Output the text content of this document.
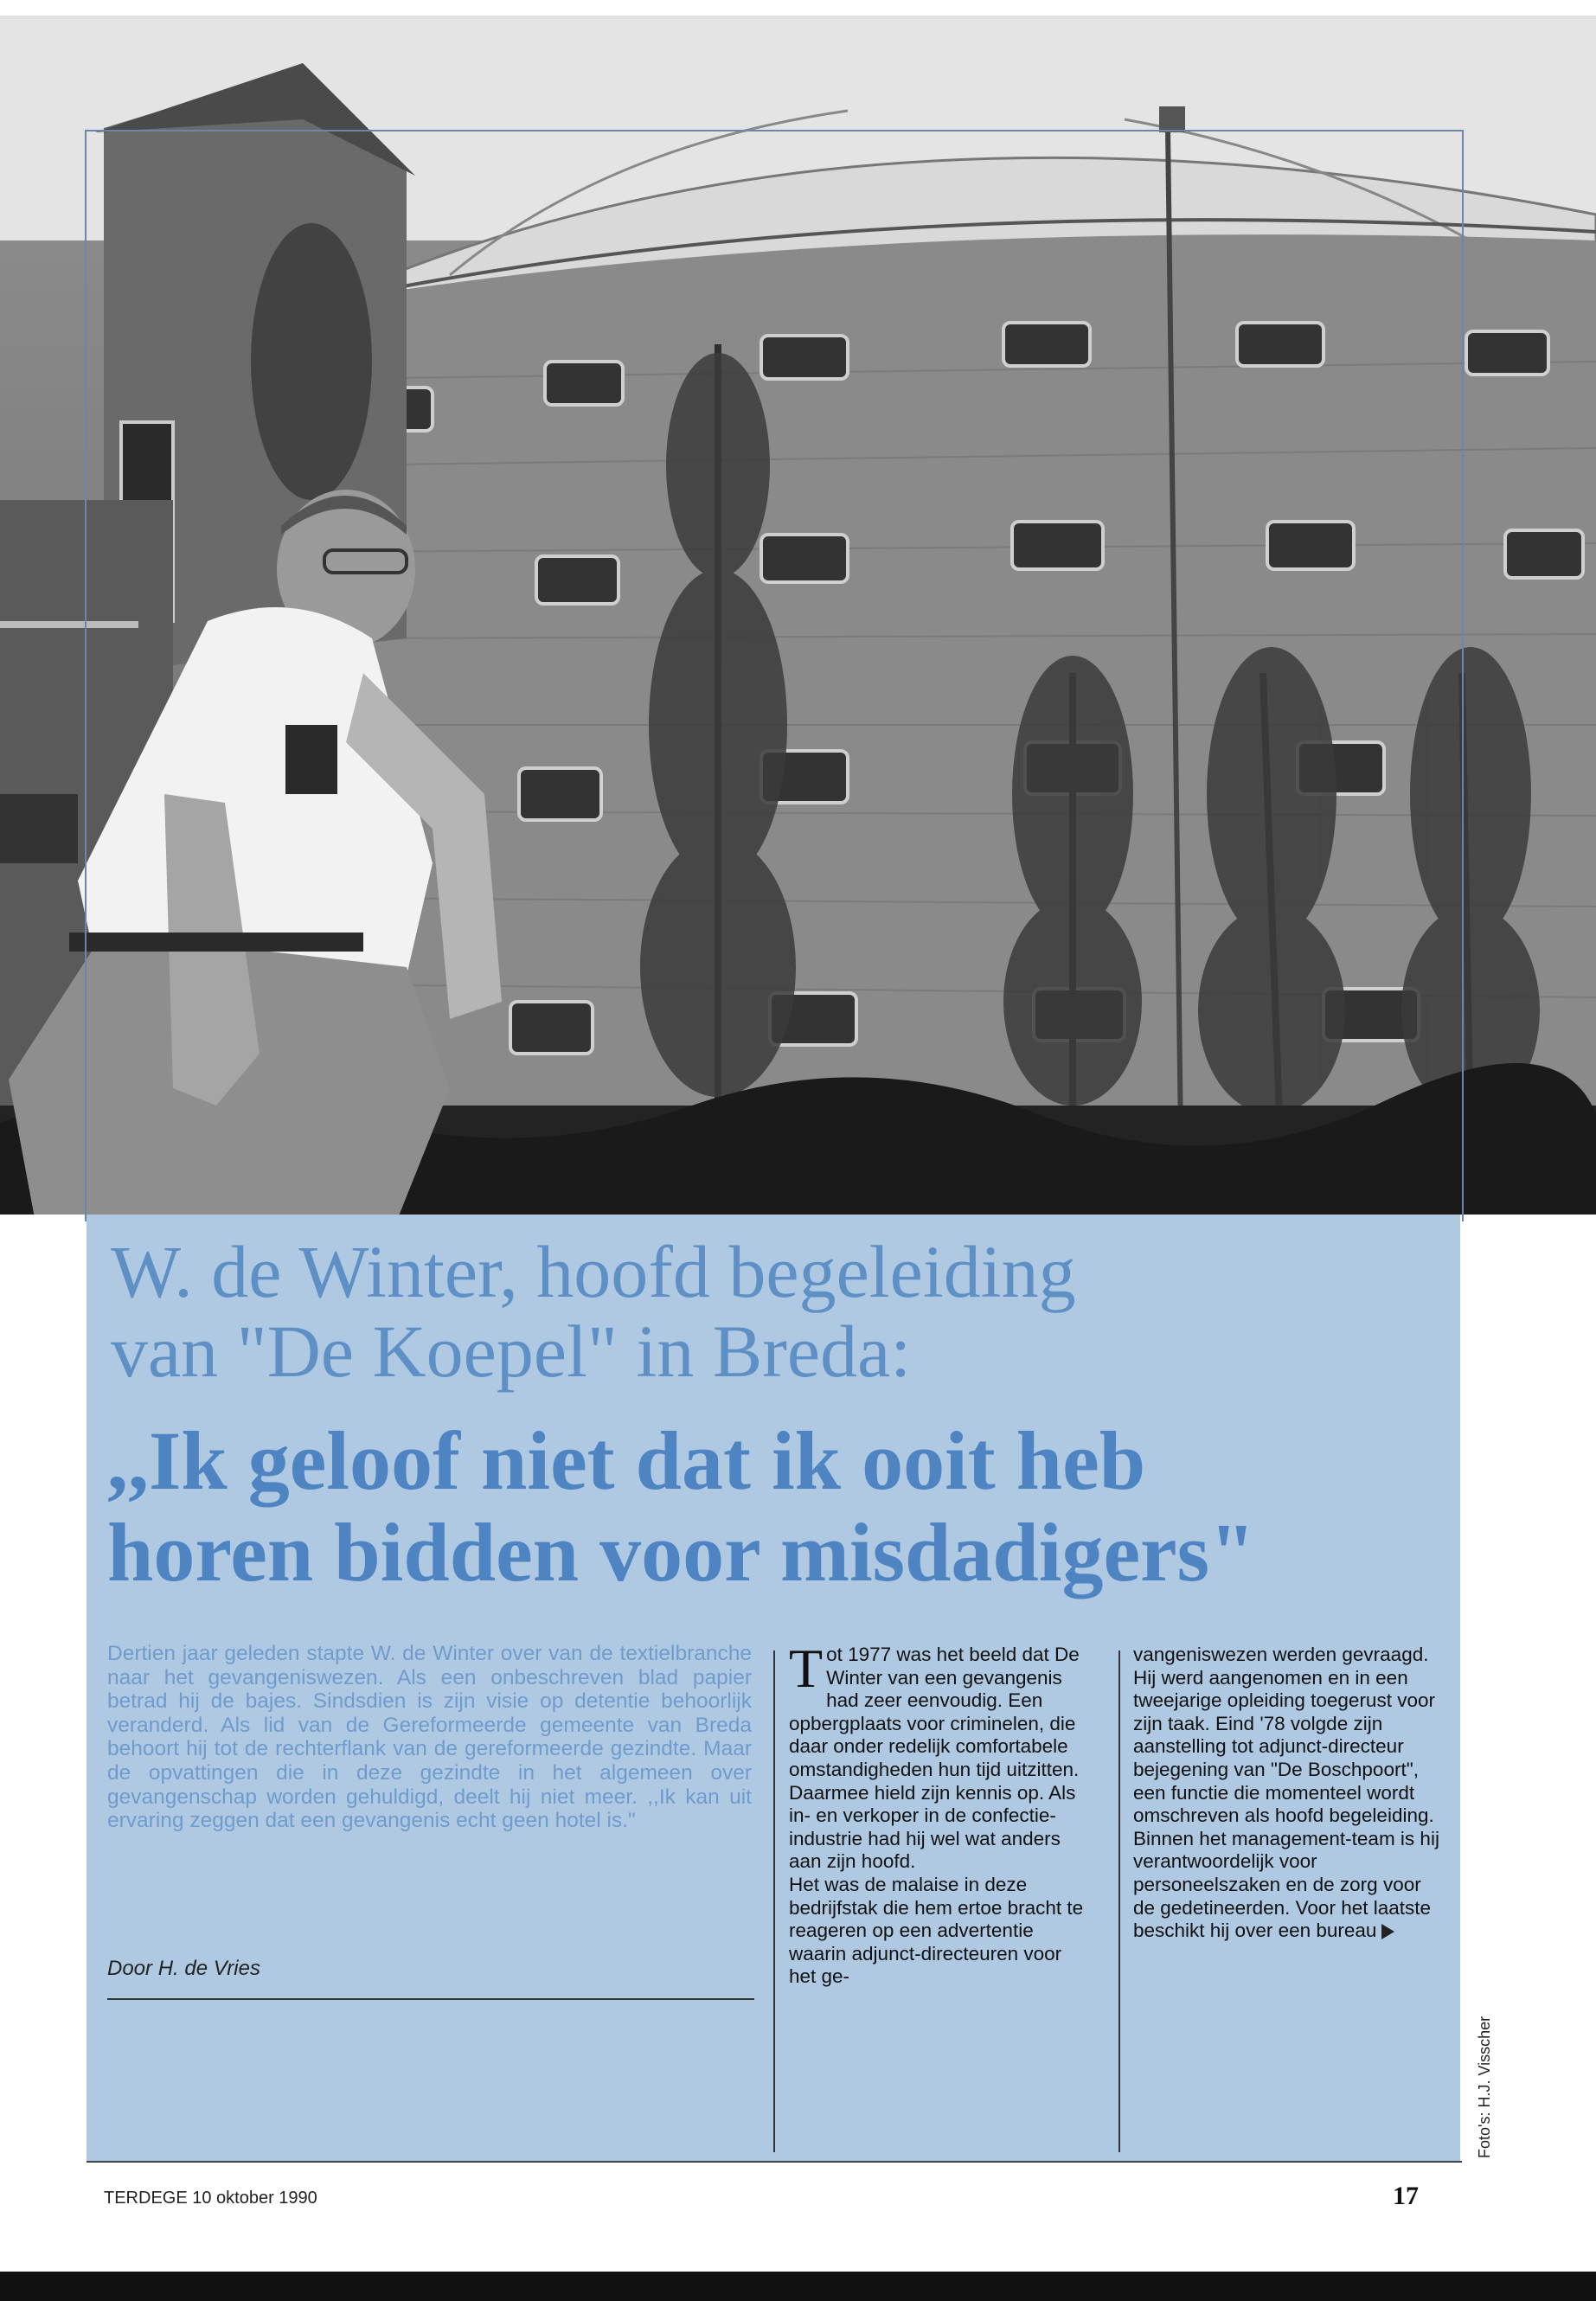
W. de Winter, hoofd begeleiding
van "De Koepel" in Breda:
,,Ik geloof niet dat ik ooit heb
horen bidden voor misdadigers"

Dertien jaar geleden stapte W. de Winter over van de textielbranche naar het gevangeniswezen. Als een onbeschreven blad papier betrad hij de bajes. Sindsdien is zijn visie op detentie behoorlijk veranderd. Als lid van de Gereformeerde gemeente van Breda behoort hij tot de rechterflank van de gereformeerde gezindte. Maar de opvattingen die in deze gezindte in het algemeen over gevangenschap worden gehuldigd, deelt hij niet meer. ,,Ik kan uit ervaring zeggen dat een gevangenis echt geen hotel is."

Door H. de Vries

Tot 1977 was het beeld dat De Winter van een gevangenis had zeer eenvoudig. Een opbergplaats voor criminelen, die daar onder redelijk comfortabele omstandigheden hun tijd uitzitten. Daarmee hield zijn kennis op. Als in- en verkoper in de confectie-industrie had hij wel wat anders aan zijn hoofd.

Het was de malaise in deze bedrijfstak die hem ertoe bracht te reageren op een advertentie waarin adjunct-directeuren voor het ge-

vangeniswezen werden gevraagd. Hij werd aangenomen en in een tweejarige opleiding toegerust voor zijn taak. Eind '78 volgde zijn aanstelling tot adjunct-directeur bejegening van "De Boschpoort", een functie die momenteel wordt omschreven als hoofd begeleiding.

Binnen het management-team is hij verantwoordelijk voor personeelszaken en de zorg voor de gedetineerden. Voor het laatste beschikt hij over een bureau

Foto's: H.J. Visscher
TERDEGE 10 oktober 1990	17
